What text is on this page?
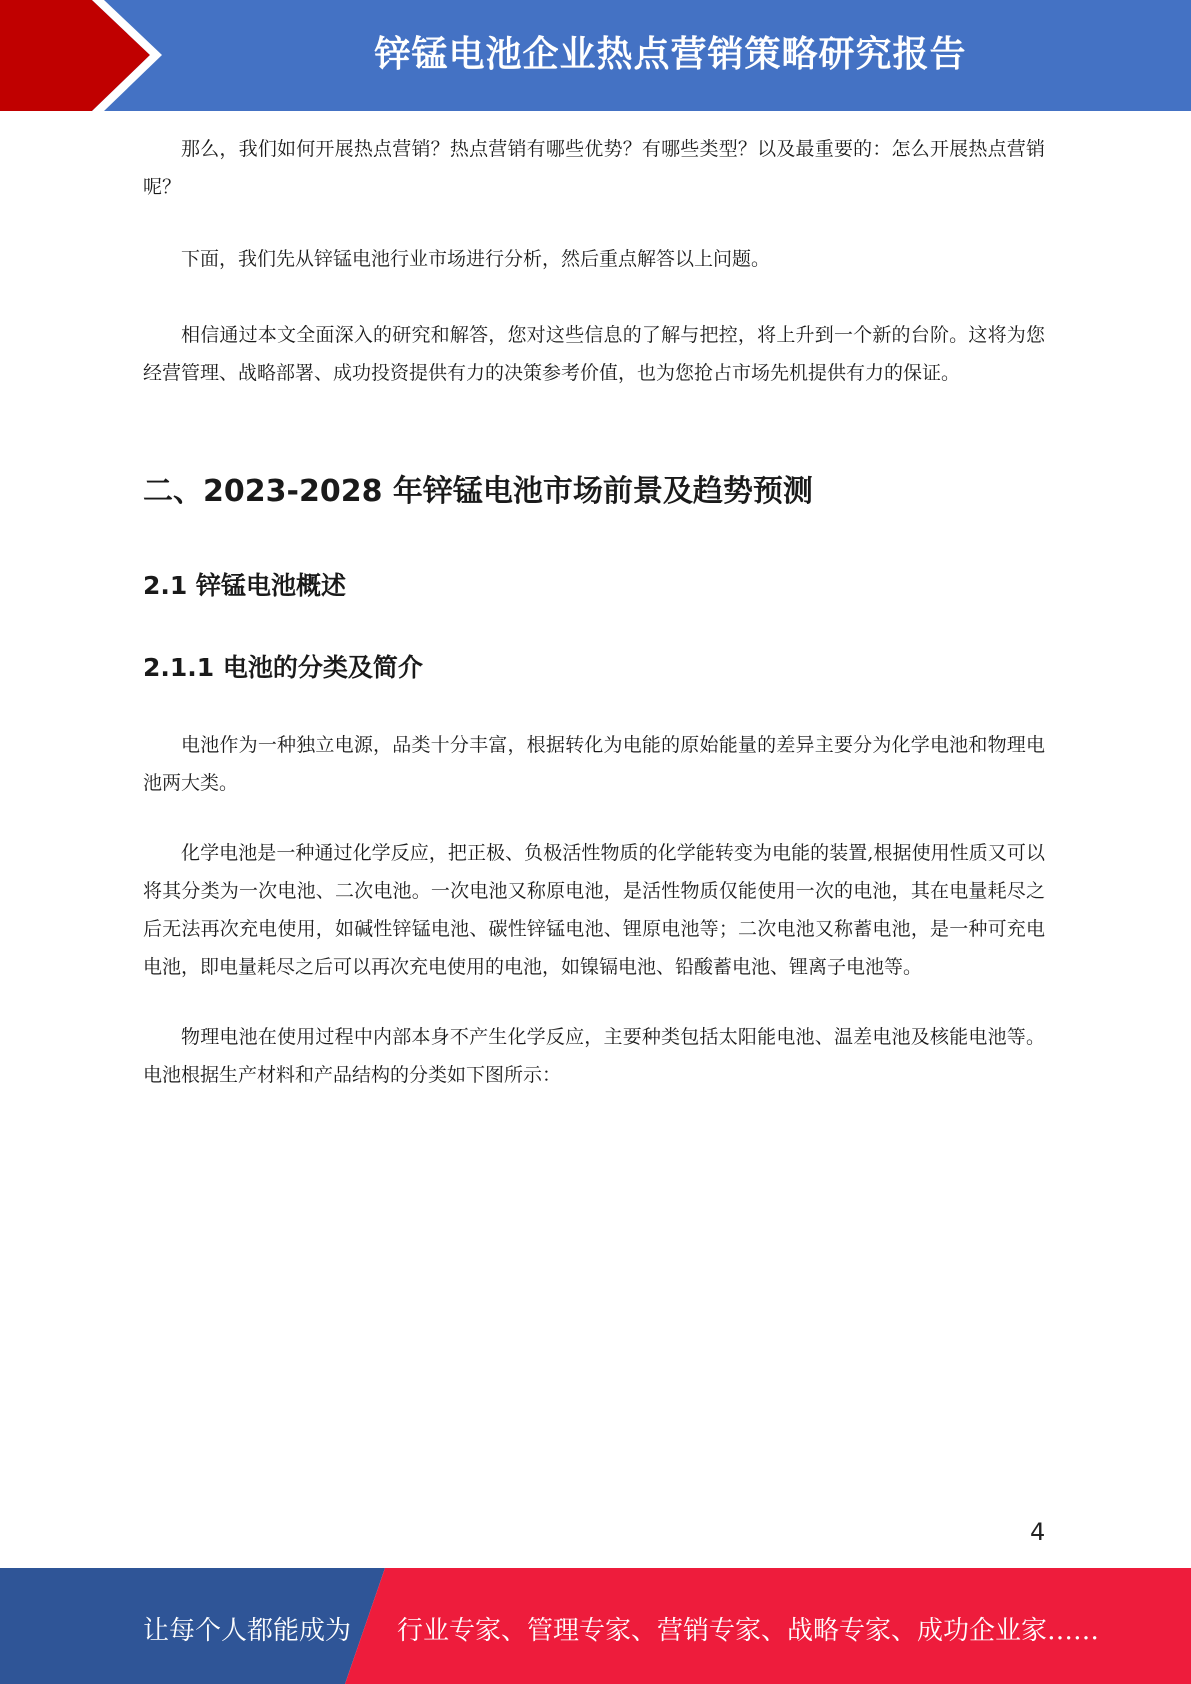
锌锰电池企业热点营销策略研究报告

那么，我们如何开展热点营销？热点营销有哪些优势？有哪些类型？以及最重要的：怎么开展热点营销呢？

下面，我们先从锌锰电池行业市场进行分析，然后重点解答以上问题。

相信通过本文全面深入的研究和解答，您对这些信息的了解与把控，将上升到一个新的台阶。这将为您经营管理、战略部署、成功投资提供有力的决策参考价值，也为您抢占市场先机提供有力的保证。

二、2023-2028 年锌锰电池市场前景及趋势预测
2.1 锌锰电池概述
2.1.1 电池的分类及简介

电池作为一种独立电源，品类十分丰富，根据转化为电能的原始能量的差异主要分为化学电池和物理电池两大类。

化学电池是一种通过化学反应，把正极、负极活性物质的化学能转变为电能的装置,根据使用性质又可以将其分类为一次电池、二次电池。一次电池又称原电池，是活性物质仅能使用一次的电池，其在电量耗尽之后无法再次充电使用，如碱性锌锰电池、碳性锌锰电池、锂原电池等；二次电池又称蓄电池，是一种可充电电池，即电量耗尽之后可以再次充电使用的电池，如镍镉电池、铅酸蓄电池、锂离子电池等。

物理电池在使用过程中内部本身不产生化学反应，主要种类包括太阳能电池、温差电池及核能电池等。电池根据生产材料和产品结构的分类如下图所示：

4
让每个人都能成为 行业专家、管理专家、营销专家、战略专家、成功企业家……
